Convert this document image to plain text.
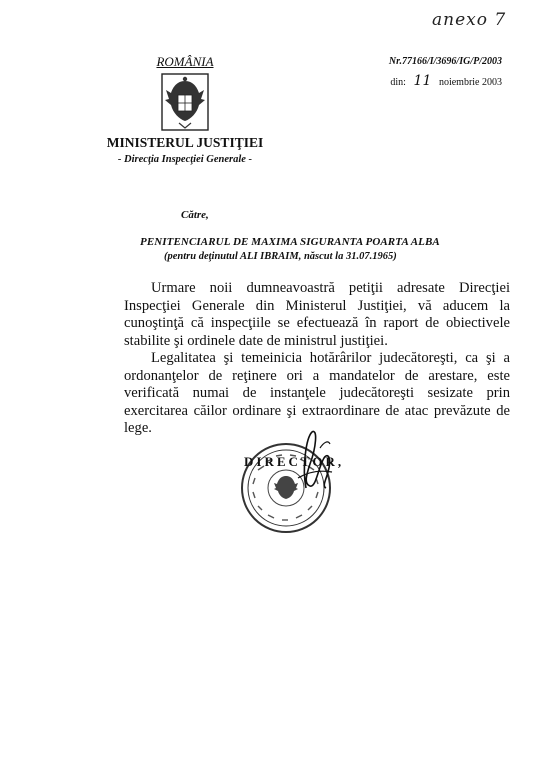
anexo 7
ROMÂNIA
MINISTERUL JUSTIŢIEI
- Direcţia Inspecţiei Generale -
Nr.77166/I/3696/IG/P/2003
din: 11 noiembrie 2003
Către,
PENITENCIARUL DE MAXIMA SIGURANTA POARTA ALBA
(pentru deţinutul ALI IBRAIM, născut la 31.07.1965)

Urmare noii dumneavoastră petiţii adresate Direcţiei Inspecţiei Generale din Ministerul Justiţiei, vă aducem la cunoştinţă că inspecţiile se efectuează în raport de obiectivele stabilite şi ordinele date de ministrul justiţiei.

Legalitatea şi temeinicia hotărârilor judecătoreşti, ca şi a ordonanţelor de reţinere ori a mandatelor de arestare, este verificată numai de instanţele judecătoreşti sesizate prin exercitarea căilor ordinare şi extraordinare de atac prevăzute de lege.

DIRECTOR,
